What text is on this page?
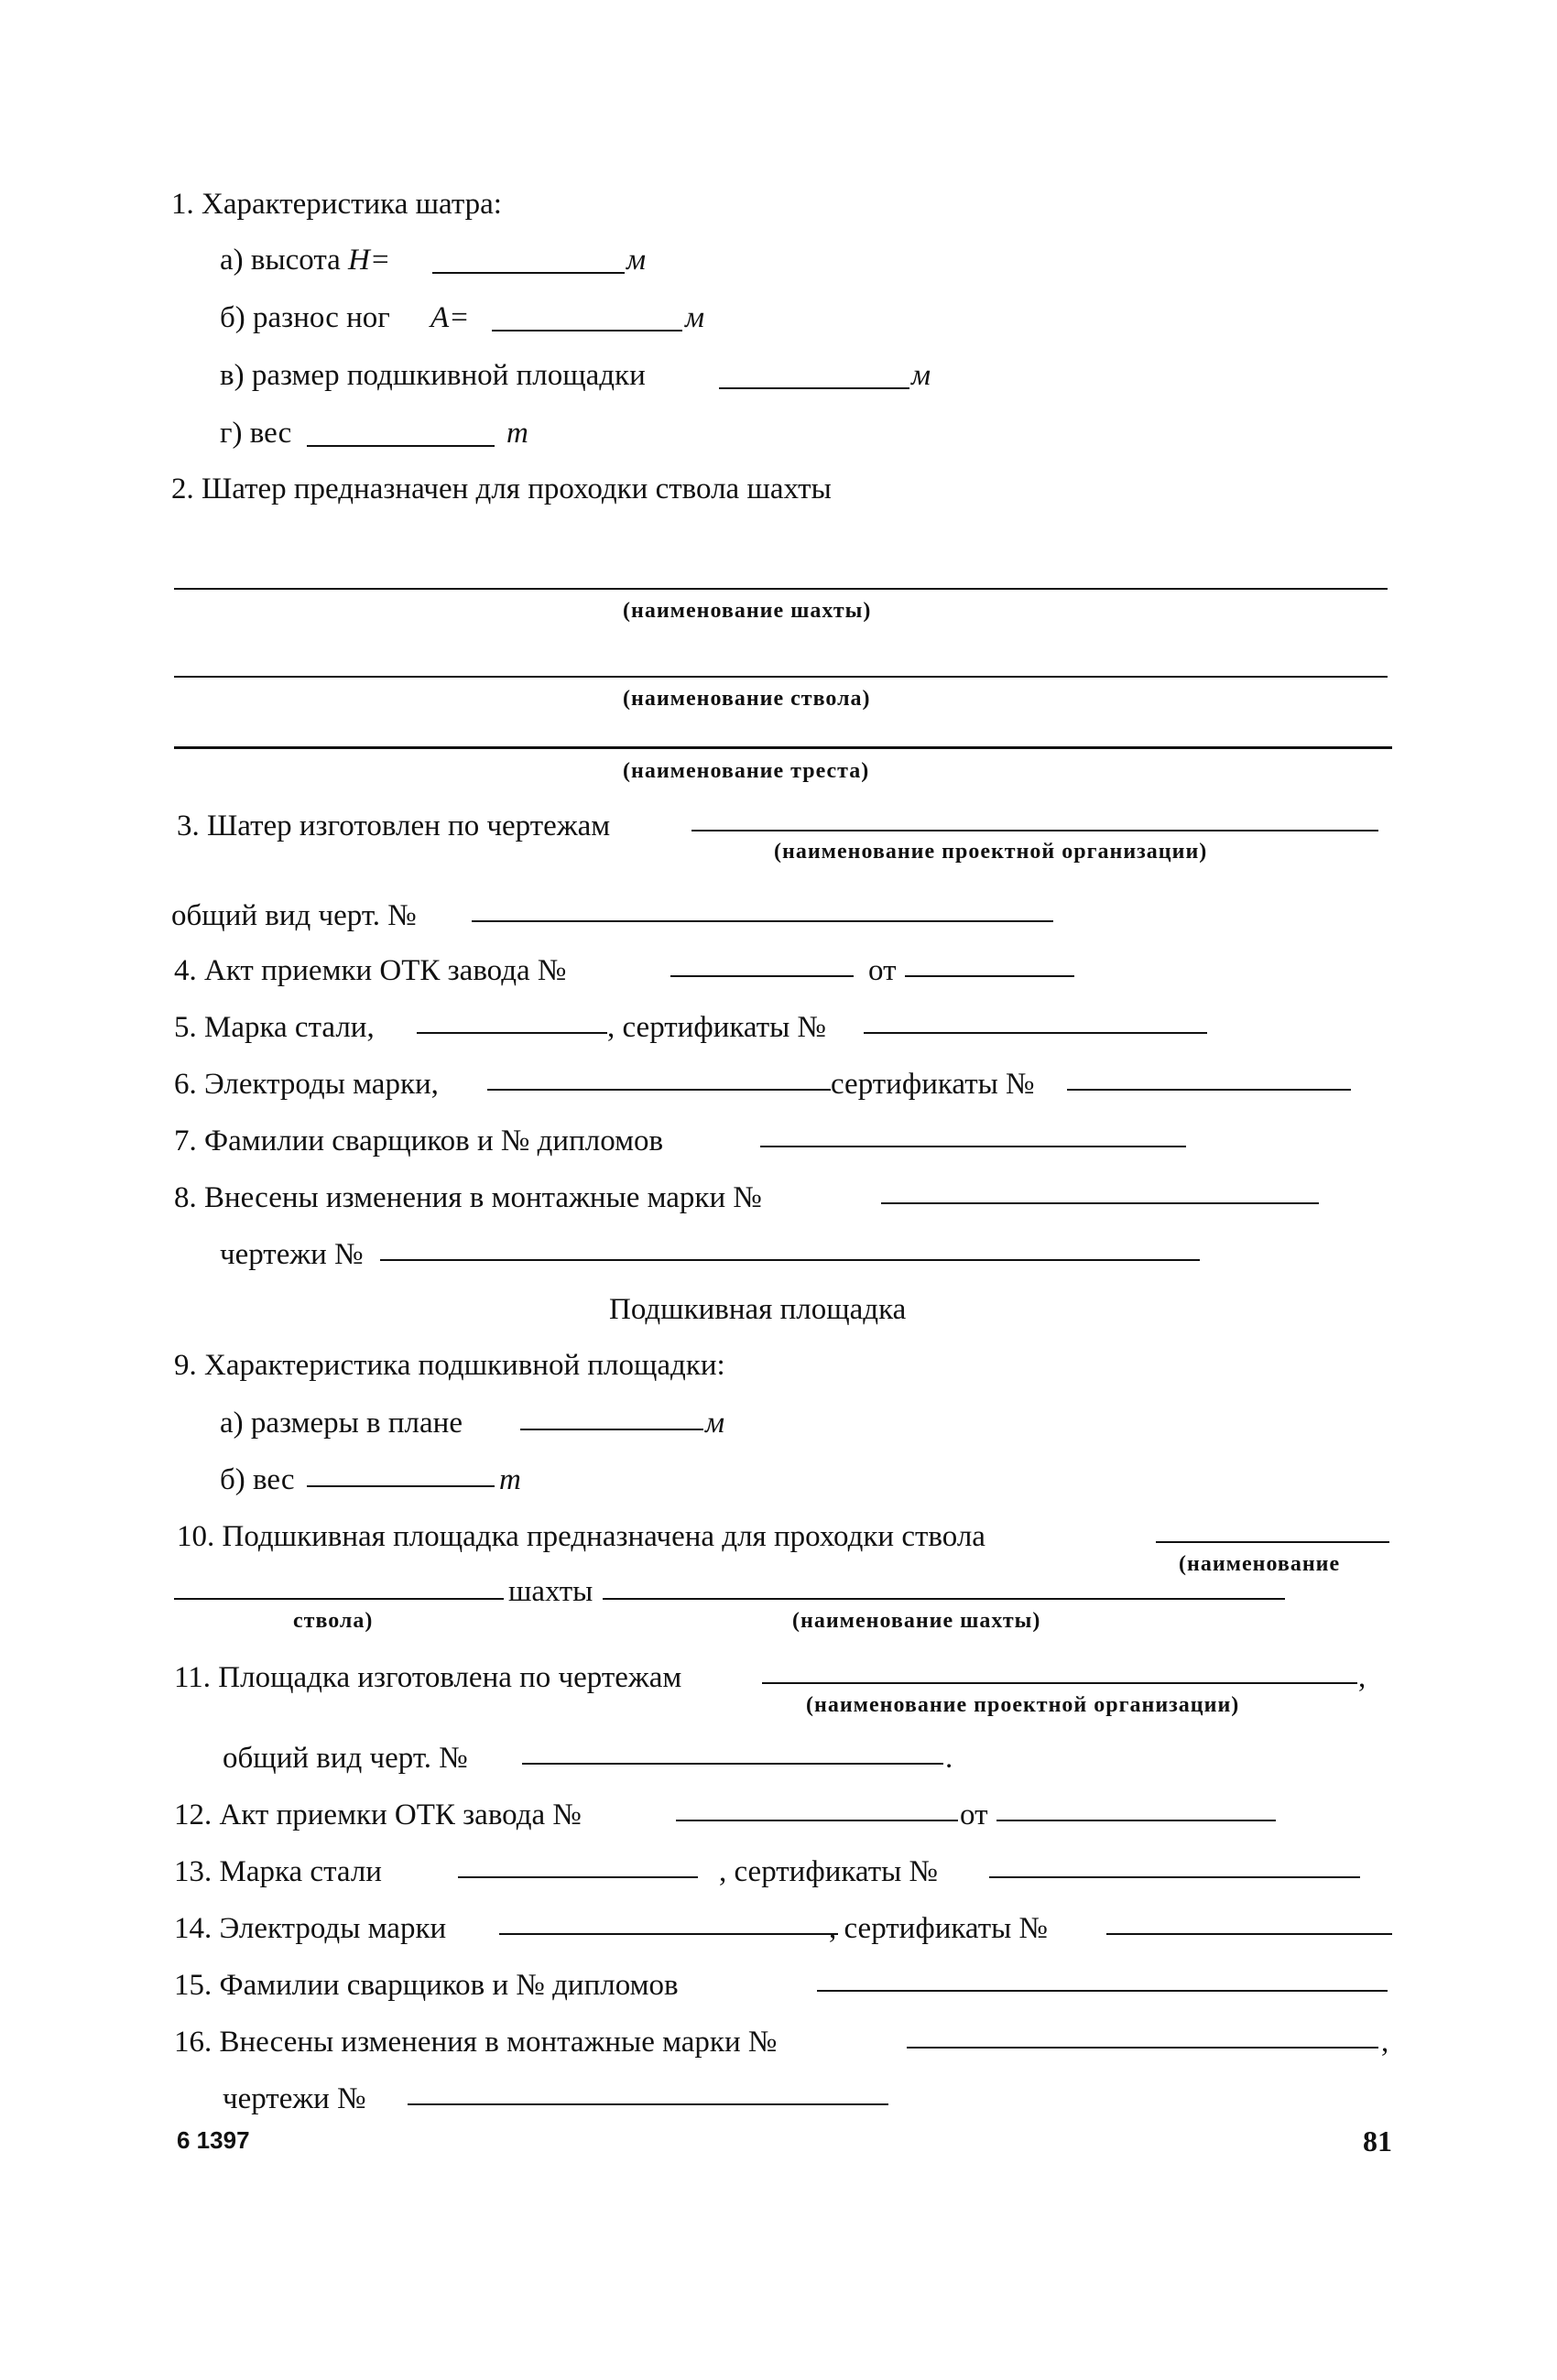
1. Характеристика шатра:
а) высота H=	м
б) разнос ног A=	м
в) размер подшкивной площадки	м
г) вес	т
2. Шатер предназначен для проходки ствола шахты
(наименование шахты)
(наименование ствола)
(наименование треста)
3. Шатер изготовлен по чертежам
(наименование проектной организации)
общий вид черт. №
4. Акт приемки ОТК завода №	от
5. Марка стали,	, сертификаты №
6. Электроды марки,	сертификаты №
7. Фамилии сварщиков и № дипломов
8. Внесены изменения в монтажные марки №
чертежи №
Подшкивная площадка
9. Характеристика подшкивной площадки:
а) размеры в плане	м
б) вес	т
10. Подшкивная площадка предназначена для проходки ствола
(наименование
шахты
ствола)	(наименование шахты)
11. Площадка изготовлена по чертежам	,
(наименование проектной организации)
общий вид черт. №	.
12. Акт приемки ОТК завода №	от
13. Марка стали	, сертификаты №
14. Электроды марки	, сертификаты №
15. Фамилии сварщиков и № дипломов
16. Внесены изменения в монтажные марки №	,
чертежи №
6 1397	81
